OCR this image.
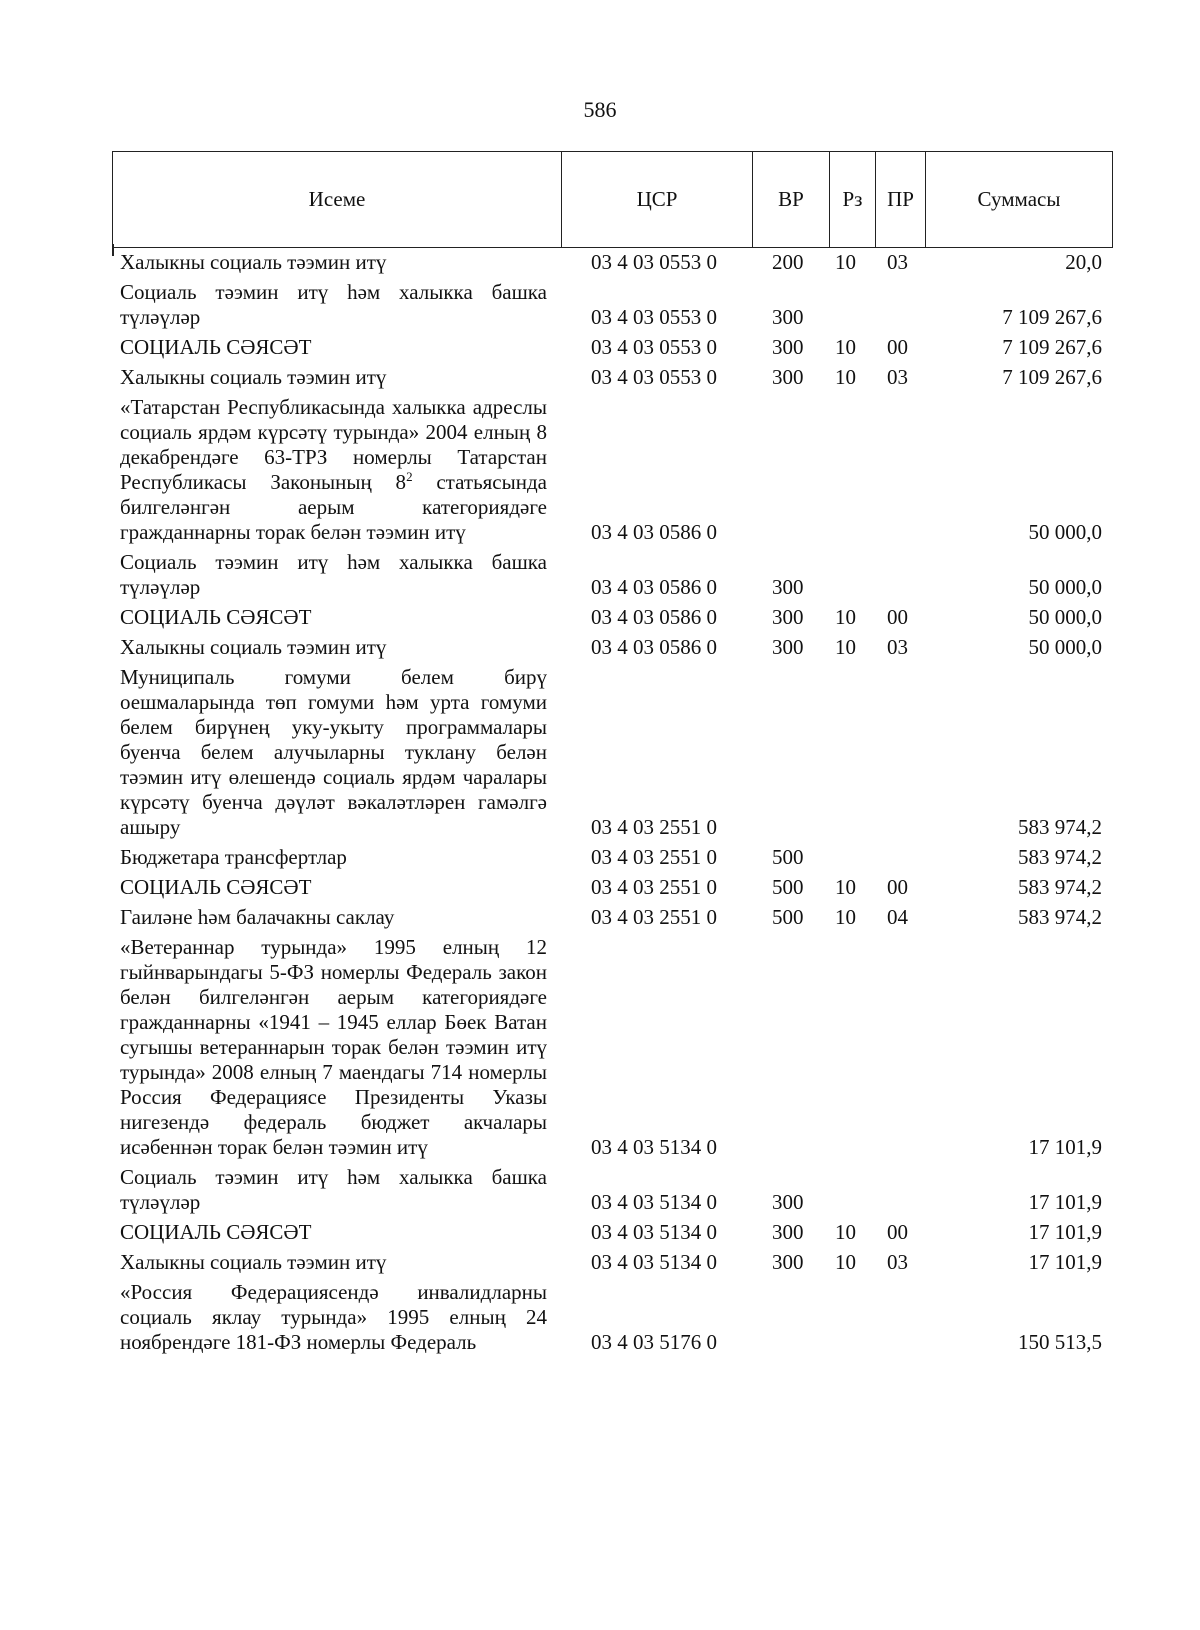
586
Исеме	ЦСР	ВР	Рз	ПР	Суммасы
Халыкны социаль тәэмин итү	03 4 03 0553 0	200	10	03	20,0
Социаль тәэмин итү һәм халыкка башка түләүләр	03 4 03 0553 0	300			7 109 267,6
СОЦИАЛЬ СӘЯСӘТ	03 4 03 0553 0	300	10	00	7 109 267,6
Халыкны социаль тәэмин итү	03 4 03 0553 0	300	10	03	7 109 267,6
«Татарстан Республикасында халыкка адреслы социаль ярдәм күрсәтү турында» 2004 елның 8 декабрендәге 63-ТРЗ номерлы Татарстан Республикасы Законының $8^2$ статьясында билгеләнгән аерым категориядәге гражданнарны торак белән тәэмин итү	03 4 03 0586 0				50 000,0
Социаль тәэмин итү һәм халыкка башка түләүләр	03 4 03 0586 0	300			50 000,0
СОЦИАЛЬ СӘЯСӘТ	03 4 03 0586 0	300	10	00	50 000,0
Халыкны социаль тәэмин итү	03 4 03 0586 0	300	10	03	50 000,0
Муниципаль гомуми белем бирү оешмаларында төп гомуми һәм урта гомуми белем бирүнең уку-укыту программалары буенча белем алучыларны туклану белән тәэмин итү өлешендә социаль ярдәм чаралары күрсәтү буенча дәүләт вәкаләтләрен гамәлгә ашыру	03 4 03 2551 0				583 974,2
Бюджетара трансфертлар	03 4 03 2551 0	500			583 974,2
СОЦИАЛЬ СӘЯСӘТ	03 4 03 2551 0	500	10	00	583 974,2
Гаиләне һәм балачакны саклау	03 4 03 2551 0	500	10	04	583 974,2
«Ветераннар турында» 1995 елның 12 гыйнварындагы 5-ФЗ номерлы Федераль закон белән билгеләнгән аерым категориядәге гражданнарны «1941 – 1945 еллар Бөек Ватан сугышы ветераннарын торак белән тәэмин итү турында» 2008 елның 7 маендагы 714 номерлы Россия Федерациясе Президенты Указы нигезендә федераль бюджет акчалары исәбеннән торак белән тәэмин итү	03 4 03 5134 0				17 101,9
Социаль тәэмин итү һәм халыкка башка түләүләр	03 4 03 5134 0	300			17 101,9
СОЦИАЛЬ СӘЯСӘТ	03 4 03 5134 0	300	10	00	17 101,9
Халыкны социаль тәэмин итү	03 4 03 5134 0	300	10	03	17 101,9
«Россия Федерациясендә инвалидларны социаль яклау турында» 1995 елның 24 ноябрендәге 181-ФЗ номерлы Федераль	03 4 03 5176 0				150 513,5
